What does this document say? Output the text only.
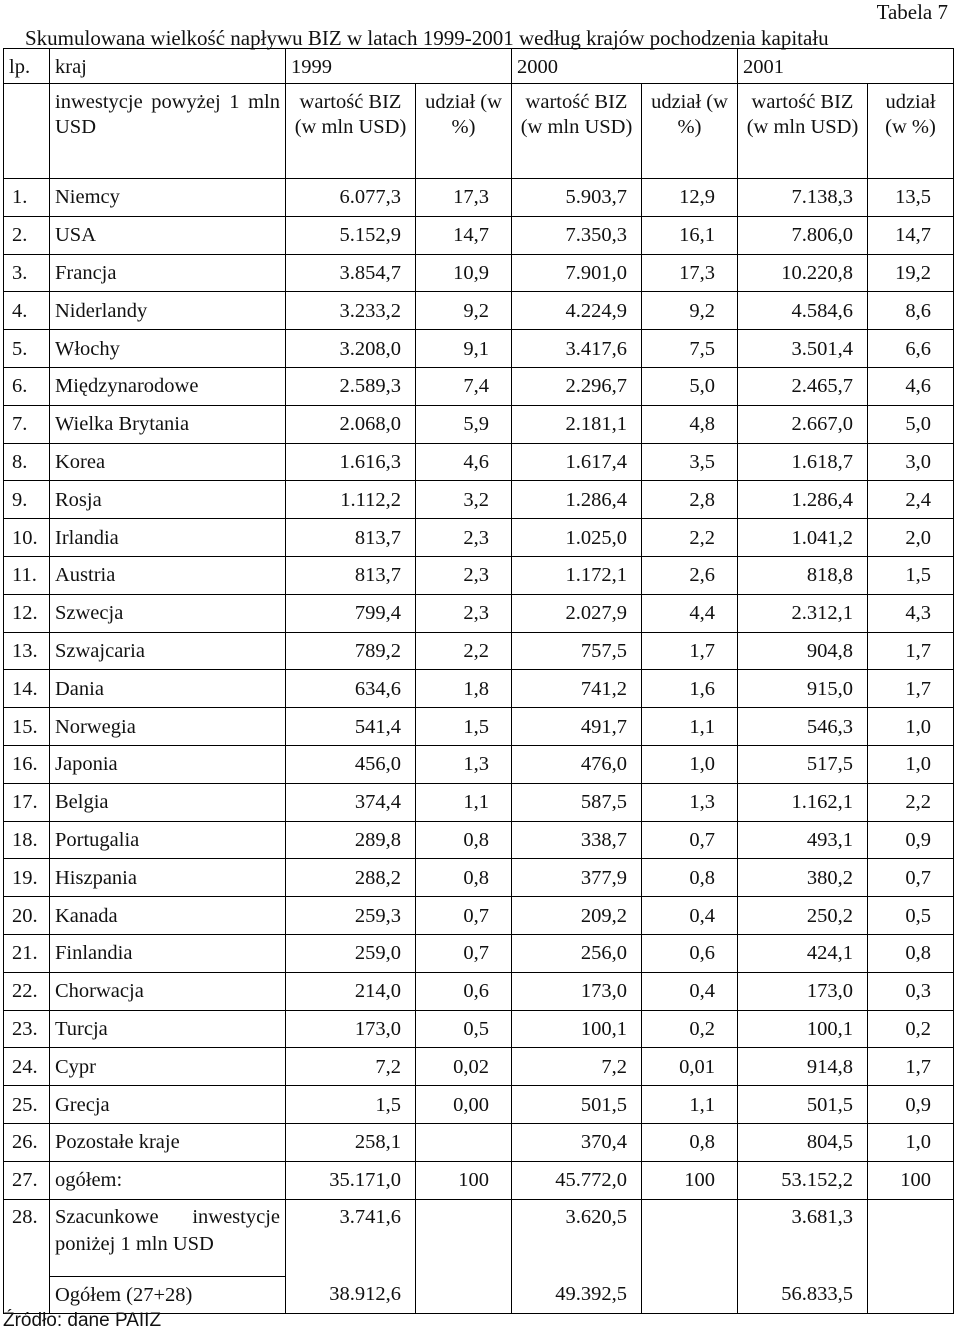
Tabela 7
Skumulowana wielkość napływu BIZ w latach 1999-2001 według krajów pochodzenia kapitału
lp.	kraj	1999		2000		2001	
	inwestycje powyżej 1 mln USD	wartość BIZ (w mln USD)	udział (w %)	wartość BIZ (w mln USD)	udział (w %)	wartość BIZ (w mln USD)	udział (w %)
1.	Niemcy	6.077,3	17,3	5.903,7	12,9	7.138,3	13,5
2.	USA	5.152,9	14,7	7.350,3	16,1	7.806,0	14,7
3.	Francja	3.854,7	10,9	7.901,0	17,3	10.220,8	19,2
4.	Niderlandy	3.233,2	9,2	4.224,9	9,2	4.584,6	8,6
5.	Włochy	3.208,0	9,1	3.417,6	7,5	3.501,4	6,6
6.	Międzynarodowe	2.589,3	7,4	2.296,7	5,0	2.465,7	4,6
7.	Wielka Brytania	2.068,0	5,9	2.181,1	4,8	2.667,0	5,0
8.	Korea	1.616,3	4,6	1.617,4	3,5	1.618,7	3,0
9.	Rosja	1.112,2	3,2	1.286,4	2,8	1.286,4	2,4
10.	Irlandia	813,7	2,3	1.025,0	2,2	1.041,2	2,0
11.	Austria	813,7	2,3	1.172,1	2,6	818,8	1,5
12.	Szwecja	799,4	2,3	2.027,9	4,4	2.312,1	4,3
13.	Szwajcaria	789,2	2,2	757,5	1,7	904,8	1,7
14.	Dania	634,6	1,8	741,2	1,6	915,0	1,7
15.	Norwegia	541,4	1,5	491,7	1,1	546,3	1,0
16.	Japonia	456,0	1,3	476,0	1,0	517,5	1,0
17.	Belgia	374,4	1,1	587,5	1,3	1.162,1	2,2
18.	Portugalia	289,8	0,8	338,7	0,7	493,1	0,9
19.	Hiszpania	288,2	0,8	377,9	0,8	380,2	0,7
20.	Kanada	259,3	0,7	209,2	0,4	250,2	0,5
21.	Finlandia	259,0	0,7	256,0	0,6	424,1	0,8
22.	Chorwacja	214,0	0,6	173,0	0,4	173,0	0,3
23.	Turcja	173,0	0,5	100,1	0,2	100,1	0,2
24.	Cypr	7,2	0,02	7,2	0,01	914,8	1,7
25.	Grecja	1,5	0,00	501,5	1,1	501,5	0,9
26.	Pozostałe kraje	258,1		370,4	0,8	804,5	1,0
27.	ogółem:	35.171,0	100	45.772,0	100	53.152,2	100
28.	Szacunkowe inwestycje poniżej 1 mln USD	3.741,6		3.620,5		3.681,3	
	Ogółem (27+28)	38.912,6		49.392,5		56.833,5	
Źródło: dane PAIIZ
